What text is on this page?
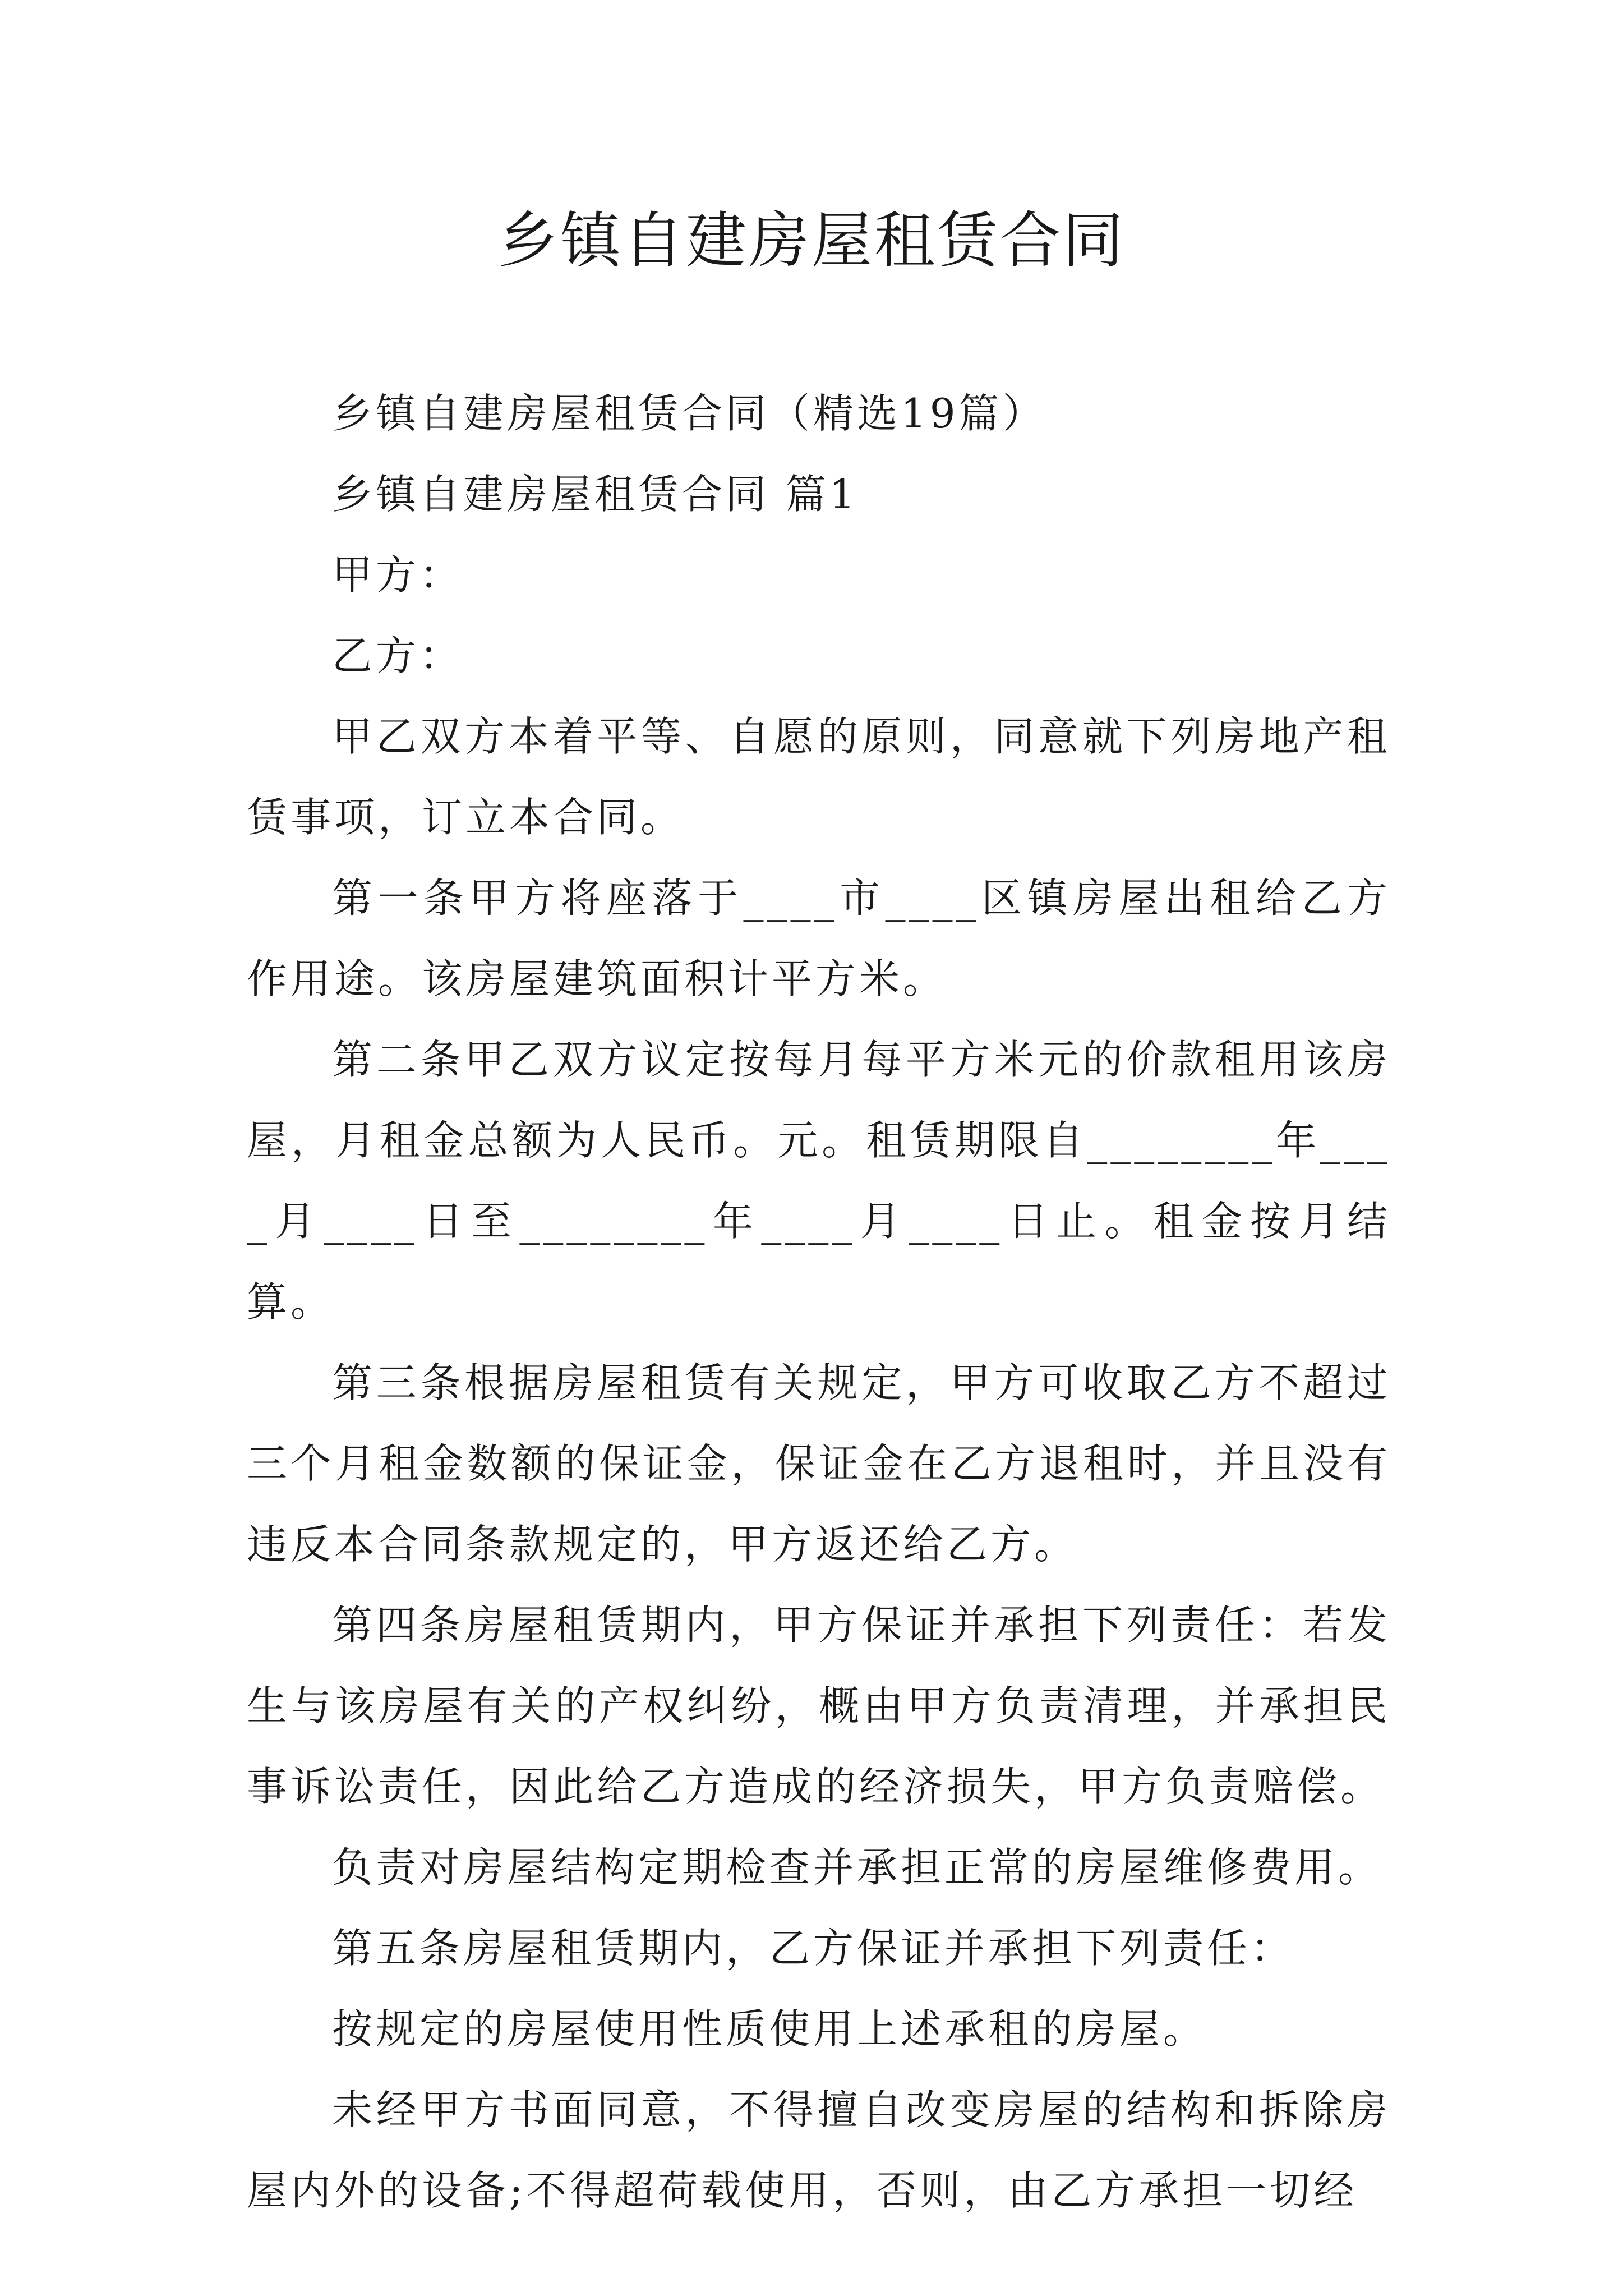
乡镇自建房屋租赁合同

乡镇自建房屋租赁合同（精选19篇）

乡镇自建房屋租赁合同 篇1

甲方：

乙方：

甲乙双方本着平等、自愿的原则，同意就下列房地产租赁事项，订立本合同。

第一条甲方将座落于____市____区镇房屋出租给乙方作用途。该房屋建筑面积计平方米。

第二条甲乙双方议定按每月每平方米元的价款租用该房屋，月租金总额为人民币。元。租赁期限自________年____月____日至________年____月____日止。租金按月结算。

第三条根据房屋租赁有关规定，甲方可收取乙方不超过三个月租金数额的保证金，保证金在乙方退租时，并且没有违反本合同条款规定的，甲方返还给乙方。

第四条房屋租赁期内，甲方保证并承担下列责任：若发生与该房屋有关的产权纠纷，概由甲方负责清理，并承担民事诉讼责任，因此给乙方造成的经济损失，甲方负责赔偿。

负责对房屋结构定期检查并承担正常的房屋维修费用。

第五条房屋租赁期内，乙方保证并承担下列责任：

按规定的房屋使用性质使用上述承租的房屋。

未经甲方书面同意，不得擅自改变房屋的结构和拆除房屋内外的设备;不得超荷载使用，否则，由乙方承担一切经
